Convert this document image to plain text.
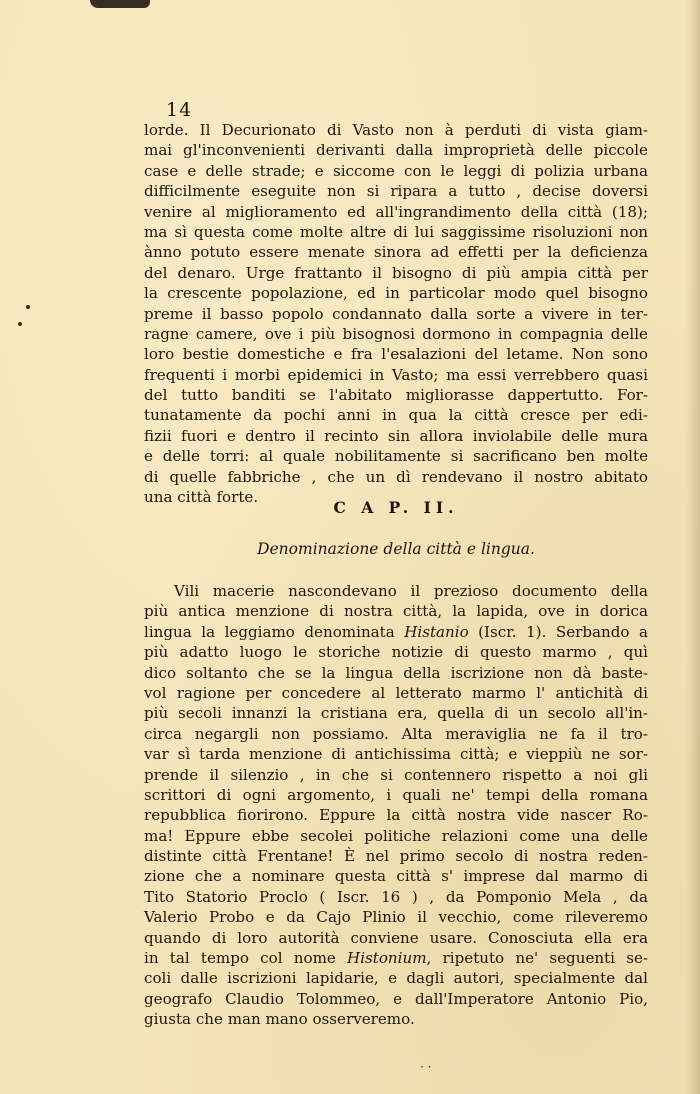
14
lorde. Il Decurionato di Vasto non à perduti di vista giam-
mai gl'inconvenienti derivanti dalla improprietà delle piccole
case e delle strade; e siccome con le leggi di polizia urbana
difficilmente eseguite non si ripara a tutto , decise doversi
venire al miglioramento ed all'ingrandimento della città (18);
ma sì questa come molte altre di lui saggissime risoluzioni non
ànno potuto essere menate sinora ad effetti per la deficienza
del denaro. Urge frattanto il bisogno di più ampia città per
la crescente popolazione, ed in particolar modo quel bisogno
preme il basso popolo condannato dalla sorte a vivere in ter-
ragne camere, ove i più bisognosi dormono in compagnia delle
loro bestie domestiche e fra l'esalazioni del letame. Non sono
frequenti i morbi epidemici in Vasto; ma essi verrebbero quasi
del tutto banditi se l'abitato migliorasse dappertutto. For-
tunatamente da pochi anni in qua la città cresce per edi-
fizii fuori e dentro il recinto sin allora inviolabile delle mura
e delle torri: al quale nobilitamente si sacrificano ben molte
di quelle fabbriche , che un dì rendevano il nostro abitato
una città forte.
C A P. II.
Denominazione della città e lingua.
Vili macerie nascondevano il prezioso documento della
più antica menzione di nostra città, la lapida, ove in dorica
lingua la leggiamo denominata Histanio (Iscr. 1). Serbando a
più adatto luogo le storiche notizie di questo marmo , quì
dico soltanto che se la lingua della iscrizione non dà baste-
vol ragione per concedere al letterato marmo l' antichità di
più secoli innanzi la cristiana era, quella di un secolo all'in-
circa negargli non possiamo. Alta meraviglia ne fa il tro-
var sì tarda menzione di antichissima città; e vieppiù ne sor-
prende il silenzio , in che si contennero rispetto a noi gli
scrittori di ogni argomento, i quali ne' tempi della romana
repubblica fiorirono. Eppure la città nostra vide nascer Ro-
ma! Eppure ebbe secolei politiche relazioni come una delle
distinte città Frentane! È nel primo secolo di nostra reden-
zione che a nominare questa città s' imprese dal marmo di
Tito Statorio Proclo ( Iscr. 16 ) , da Pomponio Mela , da
Valerio Probo e da Cajo Plinio il vecchio, come rileveremo
quando di loro autorità conviene usare. Conosciuta ella era
in tal tempo col nome Histonium, ripetuto ne' seguenti se-
coli dalle iscrizioni lapidarie, e dagli autori, specialmente dal
geografo Claudio Tolommeo, e dall'Imperatore Antonio Pio,
giusta che man mano osserveremo.
· ·
